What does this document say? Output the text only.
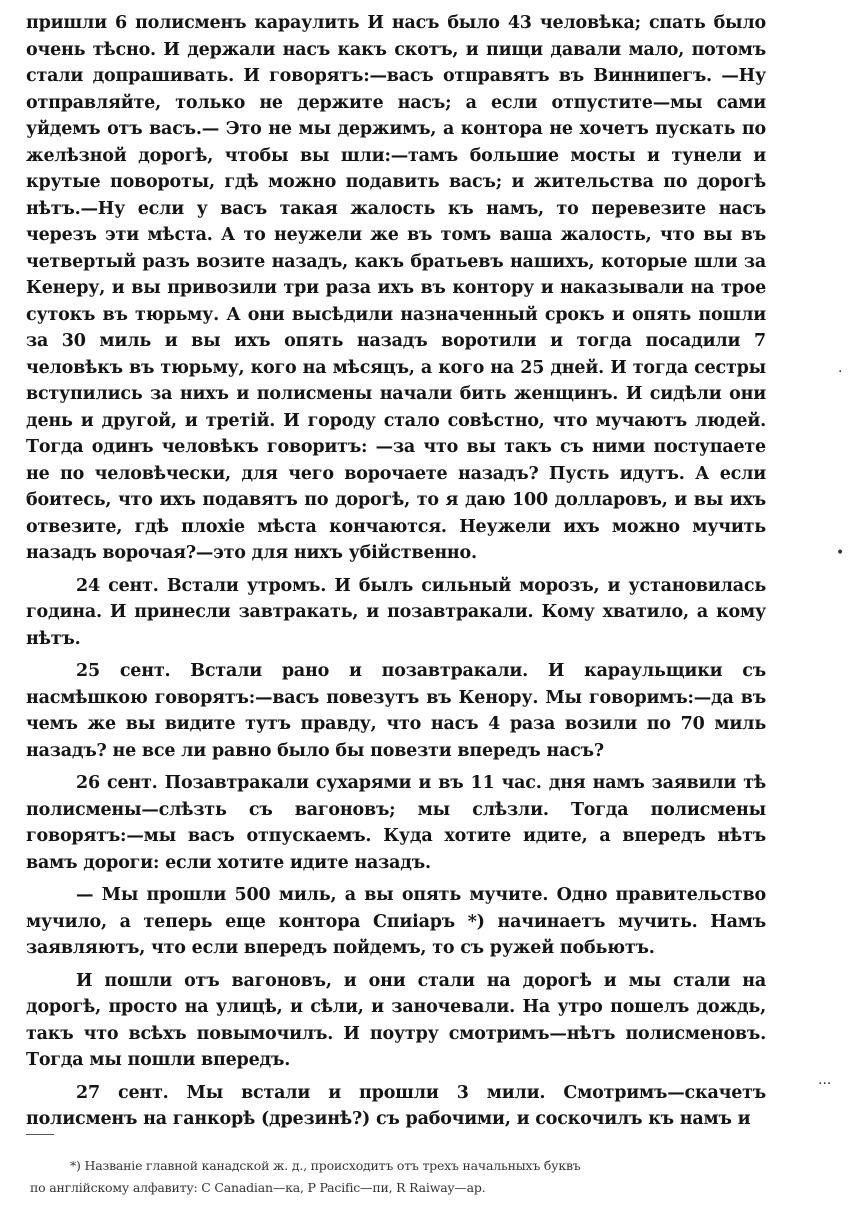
пришли 6 полисменъ караулить И насъ было 43 человѣка; спать было очень тѣсно. И держали насъ какъ скотъ, и пищи давали мало, потомъ стали допрашивать. И говорятъ:—васъ отправятъ въ Виннипегъ. —Ну отправляйте, только не держите насъ; а если отпустите—мы сами уйдемъ отъ васъ.— Это не мы держимъ, а контора не хочетъ пускать по желѣзной дорогѣ, чтобы вы шли:—тамъ большие мосты и тунели и крутые повороты, гдѣ можно подавить васъ; и жительства по дорогѣ нѣтъ.—Ну если у васъ такая жалость къ намъ, то перевезите насъ черезъ эти мѣста. А то неужели же въ томъ ваша жалость, что вы въ четвертый разъ возите назадъ, какъ братьевъ нашихъ, которые шли за Кенеру, и вы привозили три раза ихъ въ контору и наказывали на трое сутокъ въ тюрьму. А они высѣдили назначенный срокъ и опять пошли за 30 миль и вы ихъ опять назадъ воротили и тогда посадили 7 человѣкъ въ тюрьму, кого на мѣсяцъ, а кого на 25 дней. И тогда сестры вступились за нихъ и полисмены начали бить женщинъ. И сидѣли они день и другой, и третій. И городу стало совѣстно, что мучаютъ людей. Тогда одинъ человѣкъ говоритъ: —за что вы такъ съ ними поступаете не по человѣчески, для чего ворочаете назадъ? Пусть идутъ. А если боитесь, что ихъ подавятъ по дорогѣ, то я даю 100 долларовъ, и вы ихъ отвезите, гдѣ плохіе мѣста кончаются. Неужели ихъ можно мучить назадъ ворочая?—это для нихъ убійственно.

24 сент. Встали утромъ. И былъ сильный морозъ, и установилась година. И принесли завтракать, и позавтракали. Кому хватило, а кому нѣтъ.

25 сент. Встали рано и позавтракали. И караульщики съ насмѣшкою говорятъ:—васъ повезутъ въ Кенору. Мы говоримъ:—да въ чемъ же вы видите тутъ правду, что насъ 4 раза возили по 70 миль назадъ? не все ли равно было бы повезти впередъ насъ?

26 сент. Позавтракали сухарями и въ 11 час. дня намъ заявили тѣ полисмены—слѣзть съ вагоновъ; мы слѣзли. Тогда полисмены говорятъ:—мы васъ отпускаемъ. Куда хотите идите, а впередъ нѣтъ вамъ дороги: если хотите идите назадъ.

— Мы прошли 500 миль, а вы опять мучите. Одно правительство мучило, а теперь еще контора Спиіаръ *) начинаетъ мучить. Намъ заявляютъ, что если впередъ пойдемъ, то съ ружей побьютъ.

И пошли отъ вагоновъ, и они стали на дорогѣ и мы стали на дорогѣ, просто на улицѣ, и сѣли, и заночевали. На утро пошелъ дождь, такъ что всѣхъ повымочилъ. И поутру смотримъ—нѣтъ полисменовъ. Тогда мы пошли впередъ.

27 сент. Мы встали и прошли 3 мили. Смотримъ—скачетъ полисменъ на ганкорѣ (дрезинѣ?) съ рабочими, и соскочилъ къ намъ и

.
•
...
*) Названіе главной канадской ж. д., происходитъ отъ трехъ начальныхъ буквъ
по англійскому алфавиту: C Canadian—ка, P Pacific—пи, R Raiway—ар.
